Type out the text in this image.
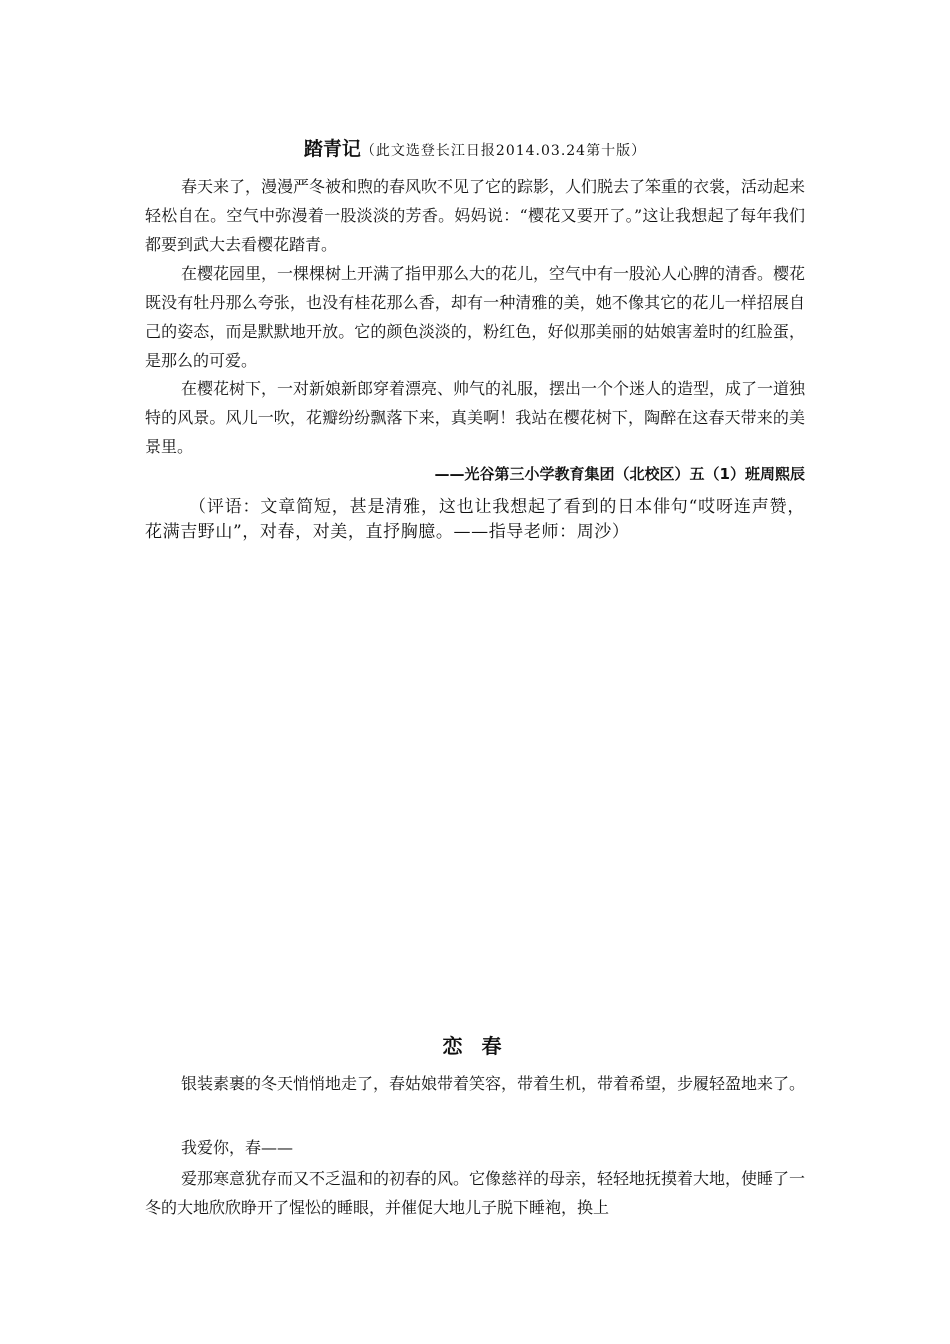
踏青记（此文选登长江日报2014.03.24第十版）

春天来了，漫漫严冬被和煦的春风吹不见了它的踪影，人们脱去了笨重的衣裳，活动起来轻松自在。空气中弥漫着一股淡淡的芳香。妈妈说：“樱花又要开了。”这让我想起了每年我们都要到武大去看樱花踏青。

在樱花园里，一棵棵树上开满了指甲那么大的花儿，空气中有一股沁人心脾的清香。樱花既没有牡丹那么夸张，也没有桂花那么香，却有一种清雅的美，她不像其它的花儿一样招展自己的姿态，而是默默地开放。它的颜色淡淡的，粉红色，好似那美丽的姑娘害羞时的红脸蛋，是那么的可爱。

在樱花树下，一对新娘新郎穿着漂亮、帅气的礼服，摆出一个个迷人的造型，成了一道独特的风景。风儿一吹，花瓣纷纷飘落下来，真美啊！我站在樱花树下，陶醉在这春天带来的美景里。

——光谷第三小学教育集团（北校区）五（1）班周熙辰

（评语：文章简短，甚是清雅，这也让我想起了看到的日本俳句“哎呀连声赞，花满吉野山”，对春，对美，直抒胸臆。——指导老师：周沙）

恋 春

银装素裹的冬天悄悄地走了，春姑娘带着笑容，带着生机，带着希望，步履轻盈地来了。

我爱你，春——

爱那寒意犹存而又不乏温和的初春的风。它像慈祥的母亲，轻轻地抚摸着大地，使睡了一冬的大地欣欣睁开了惺忪的睡眼，并催促大地儿子脱下睡袍，换上
